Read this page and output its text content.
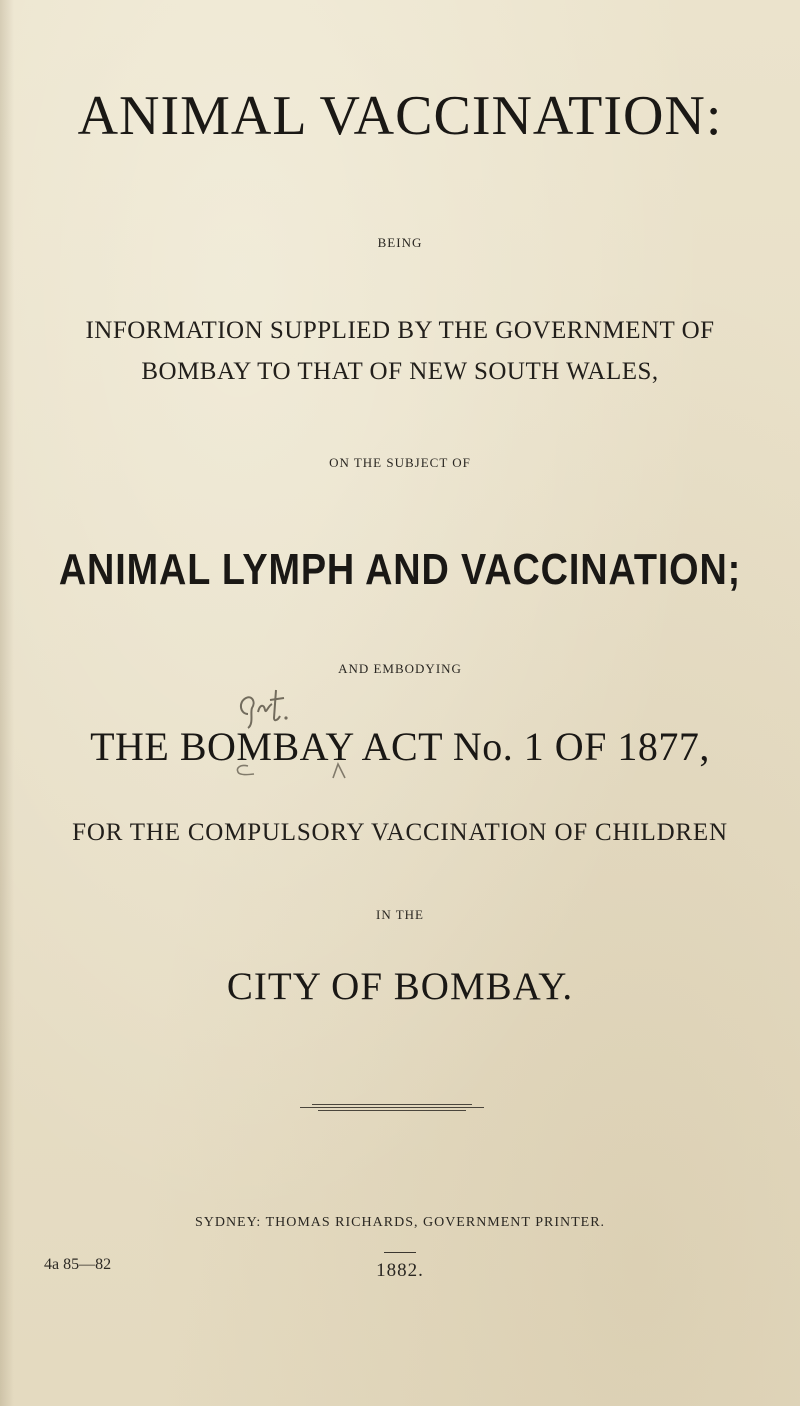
ANIMAL VACCINATION:
BEING
INFORMATION SUPPLIED BY THE GOVERNMENT OF
BOMBAY TO THAT OF NEW SOUTH WALES,
ON THE SUBJECT OF
ANIMAL LYMPH AND VACCINATION;
AND EMBODYING
THE BOMBAY ACT No. 1 OF 1877,
FOR THE COMPULSORY VACCINATION OF CHILDREN
IN THE
CITY OF BOMBAY.
SYDNEY: THOMAS RICHARDS, GOVERNMENT PRINTER.
1882.
4a 85—82
